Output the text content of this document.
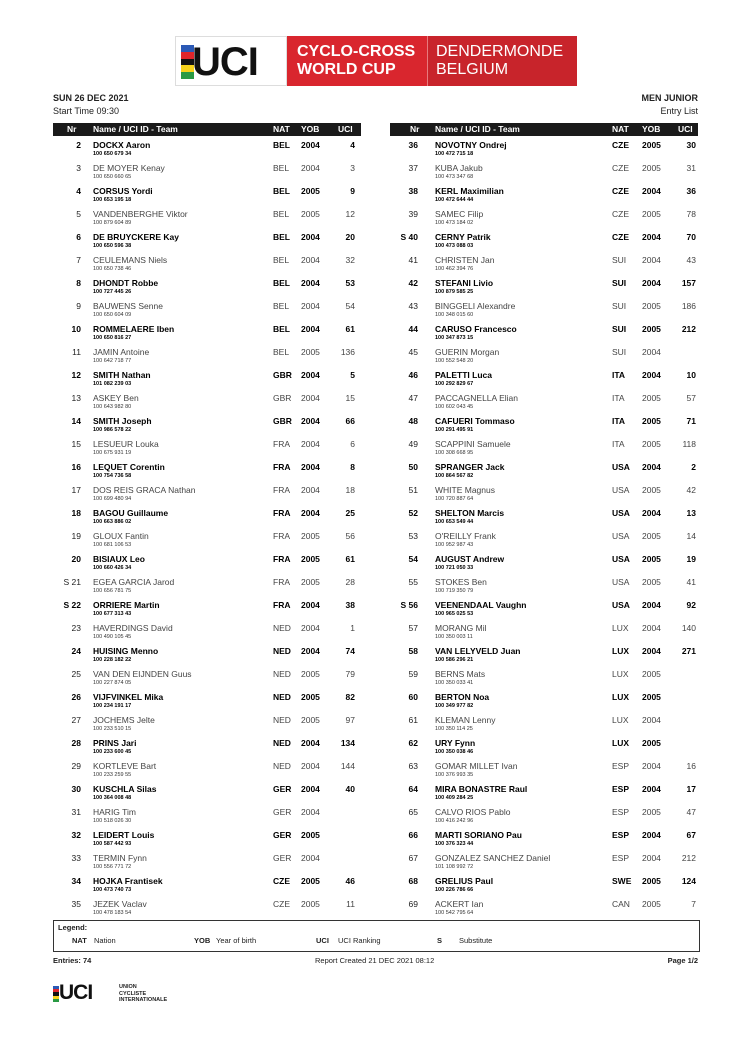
UCI CYCLO-CROSS
WORLD CUP
DENDERMONDE
BELGIUM
SUN 26 DEC 2021
Start Time 09:30
MEN JUNIOR
Entry List
Nr Name / UCI ID - Team	NAT YOB UCI	Nr Name / UCI ID - Team	NAT YOB UCI
2 DOCKX Aaron
100 650 679 34
BEL 2004	4
3 DE MOYER Kenay
100 650 660 65
BEL 2004	3
4 CORSUS Yordi
100 653 195 18
BEL 2005	9
5 VANDENBERGHE Viktor
100 879 604 89
BEL 2005	12
6 DE BRUYCKERE Kay
100 650 596 38
BEL 2004	20
7 CEULEMANS Niels
100 650 738 46
BEL 2004	32
8 DHONDT Robbe
100 727 445 26
BEL 2004	53
9 BAUWENS Senne
100 650 604 09
BEL 2004	54
10 ROMMELAERE Iben
100 650 816 27
BEL 2004	61
11 JAMIN Antoine
100 642 718 77
BEL 2005	136
12 SMITH Nathan
101 082 239 03
GBR 2004	5
13 ASKEY Ben
100 643 982 80
GBR 2004	15
14 SMITH Joseph
100 986 578 22
GBR 2004	66
15 LESUEUR Louka
100 675 931 19
FRA 2004	6
16 LEQUET Corentin
100 754 736 58
FRA 2004	8
17 DOS REIS GRACA Nathan
100 699 480 94
FRA 2004	18
18 BAGOU Guillaume
100 663 886 02
FRA 2004	25
19 GLOUX Fantin
100 681 106 53
FRA 2005	56
20 BISIAUX Leo
100 660 426 34
FRA 2005	61
S 21 EGEA GARCIA Jarod
100 656 781 75
FRA 2005	28
S 22 ORRIERE Martin
100 677 313 43
FRA 2004	38
23 HAVERDINGS David
100 490 105 45
NED 2004	1
24 HUISING Menno
100 228 182 22
NED 2004	74
25 VAN DEN EIJNDEN Guus
100 227 874 05
NED 2005	79
26 VIJFVINKEL Mika
100 234 191 17
NED 2005	82
27 JOCHEMS Jelte
100 233 510 15
NED 2005	97
28 PRINS Jari
100 233 600 45
NED 2004	134
29 KORTLEVE Bart
100 233 259 55
NED 2004	144
30 KUSCHLA Silas
100 364 008 48
GER 2004	40
31 HARIG Tim
100 518 026 30
GER 2004
32 LEIDERT Louis
100 587 442 93
GER 2005
33 TERMIN Fynn
100 556 771 72
GER 2004
34 HOJKA Frantisek
100 473 740 73
CZE 2005	46
35 JEZEK Vaclav
100 478 183 54
CZE 2005	11
36 NOVOTNY Ondrej
100 472 715 18
CZE 2005	30
37 KUBA Jakub
100 473 347 68
CZE 2005	31
38 KERL Maximilian
100 472 644 44
CZE 2004	36
39 SAMEC Filip
100 473 184 02
CZE 2005	78
S 40 CERNY Patrik
100 473 088 03
CZE 2004	70
41 CHRISTEN Jan
100 462 394 76
SUI 2004	43
42 STEFANI Livio
100 879 585 25
SUI 2004	157
43 BINGGELI Alexandre
100 348 015 60
SUI 2005	186
44 CARUSO Francesco
100 347 873 15
SUI 2005	212
45 GUERIN Morgan
100 552 548 20
SUI 2004
46 PALETTI Luca
100 292 829 67
ITA 2004	10
47 PACCAGNELLA Elian
100 602 043 45
ITA 2005	57
48 CAFUERI Tommaso
100 291 495 91
ITA 2005	71
49 SCAPPINI Samuele
100 308 668 95
ITA 2005	118
50 SPRANGER Jack
100 864 567 82
USA 2004	2
51 WHITE Magnus
100 720 887 64
USA 2005	42
52 SHELTON Marcis
100 653 549 44
USA 2004	13
53 O'REILLY Frank
100 952 987 43
USA 2005	14
54 AUGUST Andrew
100 721 050 33
USA 2005	19
55 STOKES Ben
100 719 350 79
USA 2005	41
S 56 VEENENDAAL Vaughn
100 965 025 53
USA 2004	92
57 MORANG Mil
100 350 003 11
LUX 2004	140
58 VAN LELYVELD Juan
100 586 296 21
LUX 2004	271
59 BERNS Mats
100 350 033 41
LUX 2005
60 BERTON Noa
100 349 977 82
LUX 2005
61 KLEMAN Lenny
100 350 114 25
LUX 2004
62 URY Fynn
100 350 038 46
LUX 2005
63 GOMAR MILLET Ivan
100 376 993 35
ESP 2004	16
64 MIRA BONASTRE Raul
100 409 284 25
ESP 2004	17
65 CALVO RIOS Pablo
100 416 242 96
ESP 2005	47
66 MARTI SORIANO Pau
100 376 323 44
ESP 2004	67
67 GONZALEZ SANCHEZ Daniel
101 108 992 72
ESP 2004	212
68 GRELIUS Paul
100 226 786 66
SWE 2005	124
69 ACKERT Ian
100 542 795 64
CAN 2005	7
Legend:
NAT Nation	YOB Year of birth	UCI UCI Ranking	S Substitute
Entries: 74	Report Created 21 DEC 2021 08:12	Page 1/2
UCI	UNION
CYCLISTE
INTERNATIONALE
